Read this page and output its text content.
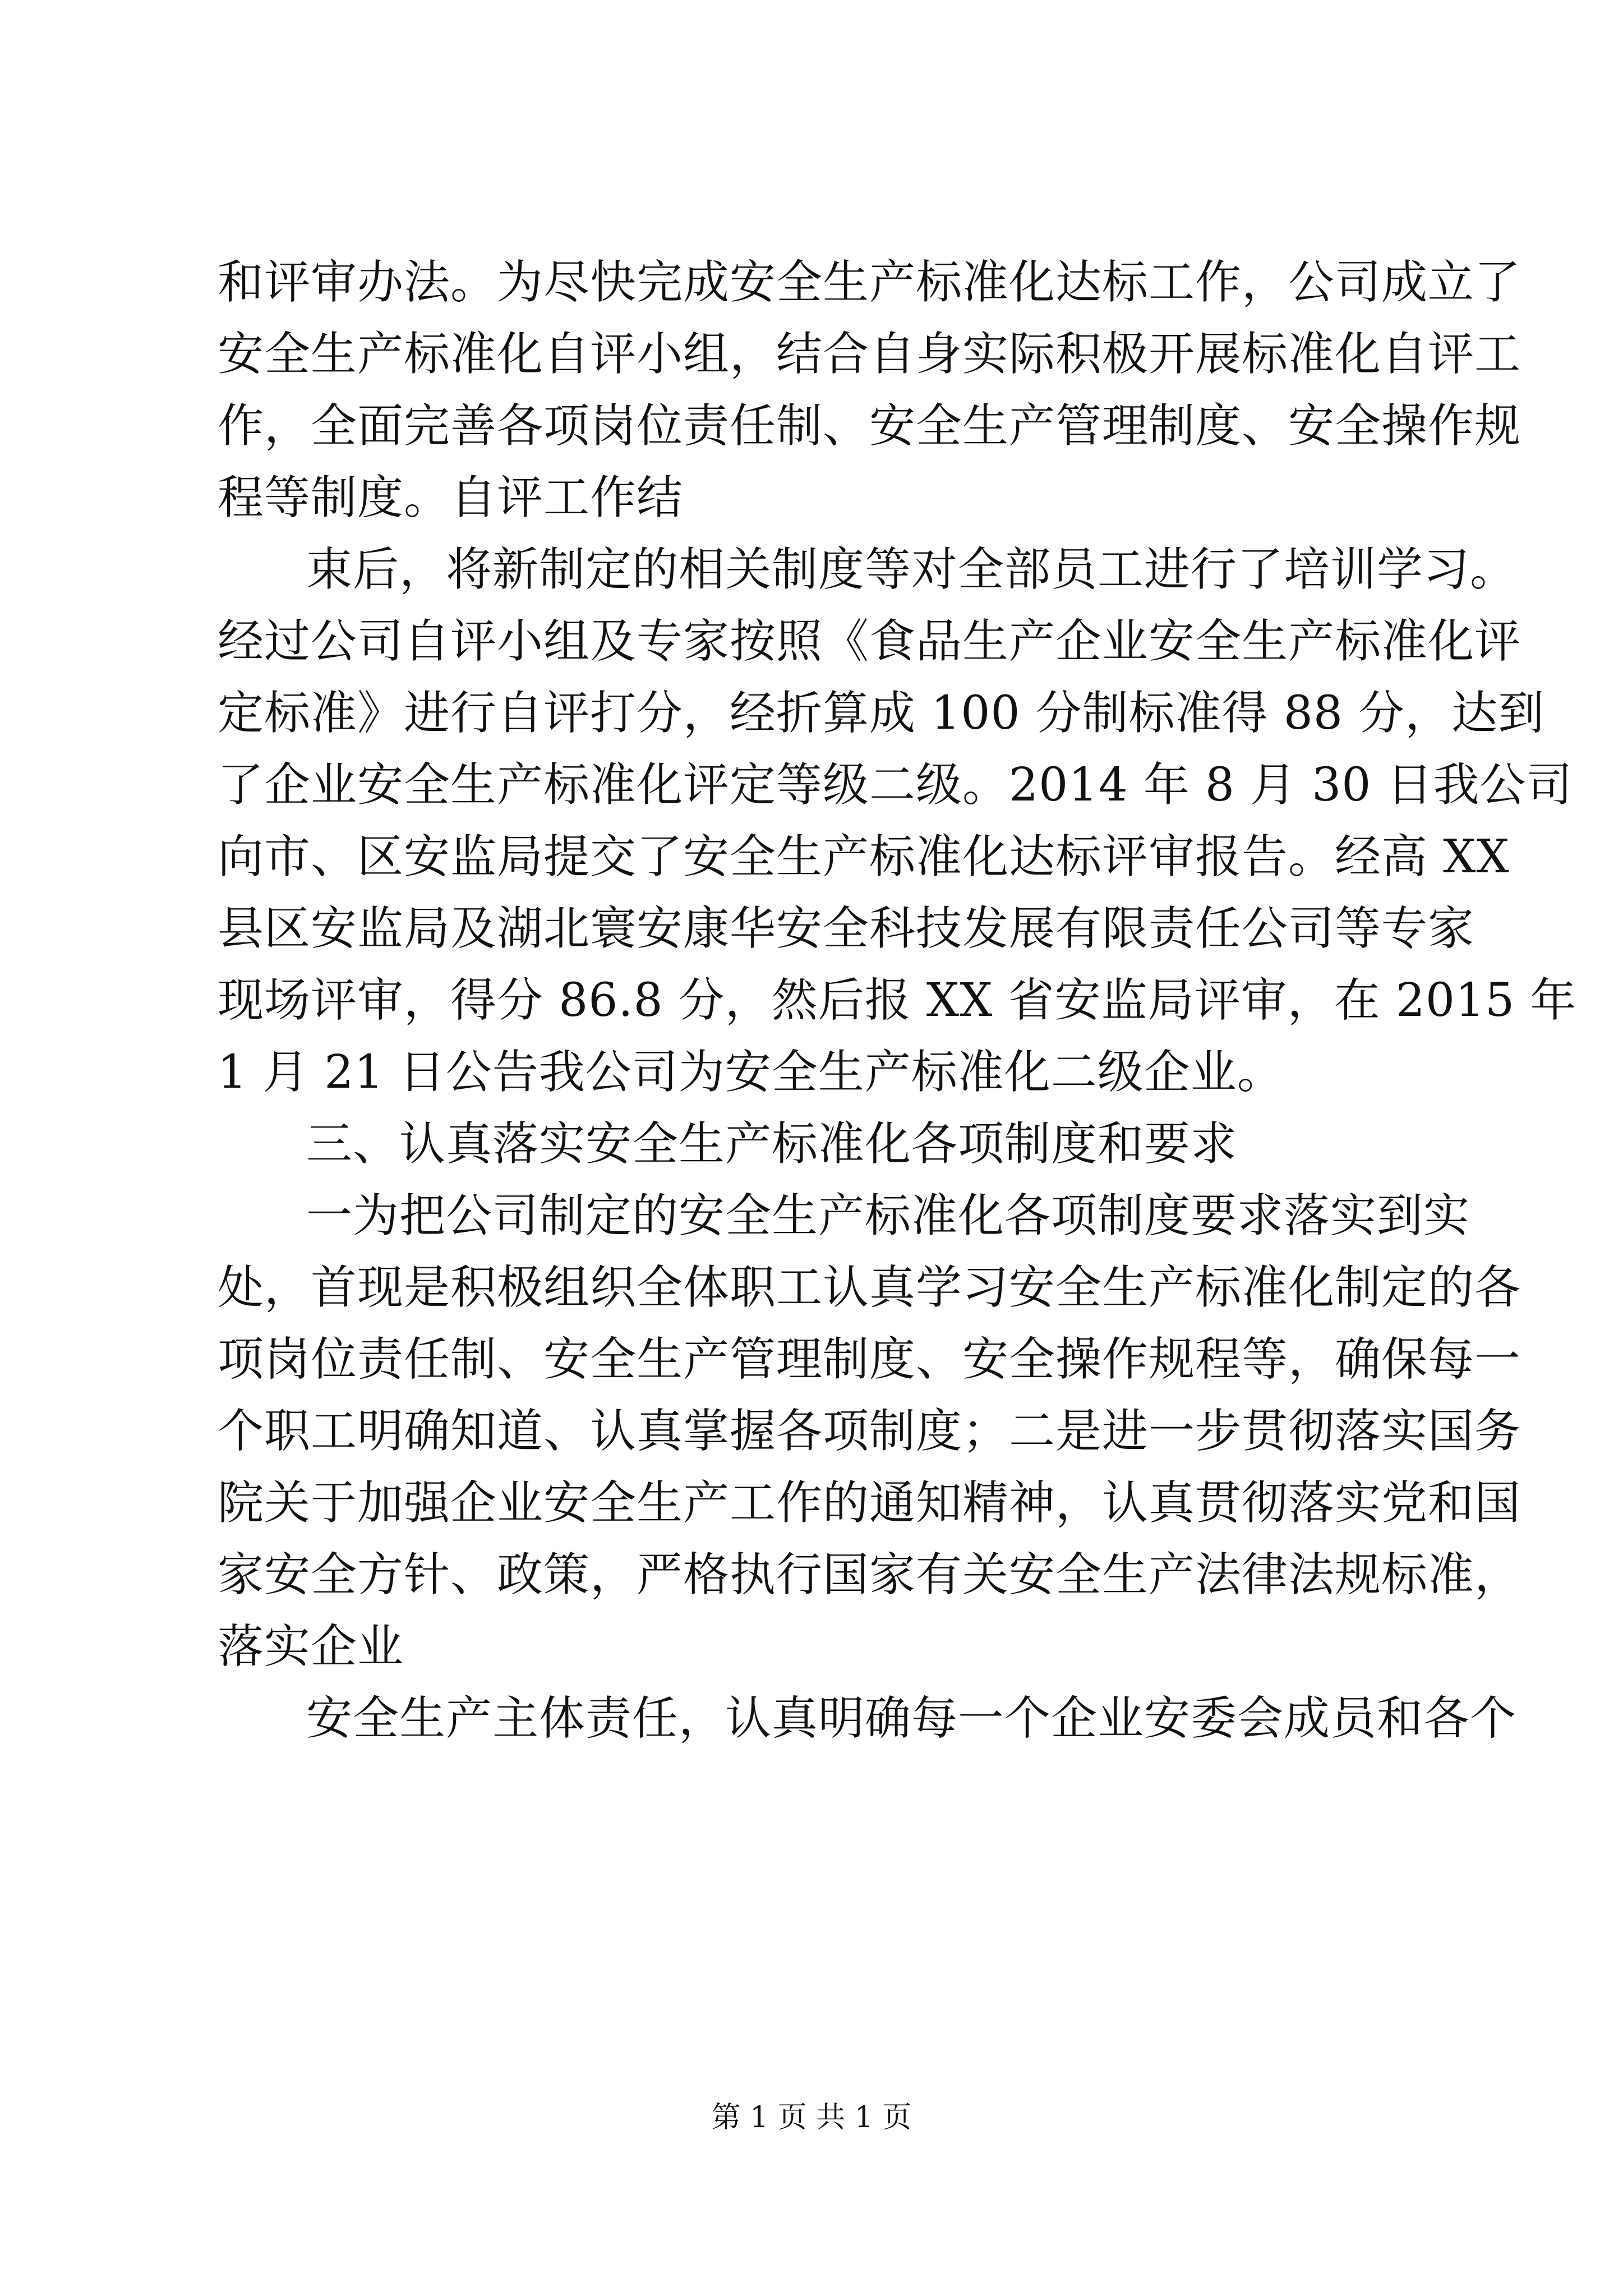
和评审办法。为尽快完成安全生产标准化达标工作，公司成立了
安全生产标准化自评小组，结合自身实际积极开展标准化自评工
作，全面完善各项岗位责任制、安全生产管理制度、安全操作规
程等制度。自评工作结
束后，将新制定的相关制度等对全部员工进行了培训学习。
经过公司自评小组及专家按照《食品生产企业安全生产标准化评
定标准》进行自评打分，经折算成 100 分制标准得 88 分，达到
了企业安全生产标准化评定等级二级。2014 年 8 月 30 日我公司
向市、区安监局提交了安全生产标准化达标评审报告。经高 XX
县区安监局及湖北寰安康华安全科技发展有限责任公司等专家
现场评审，得分 86.8 分，然后报 XX 省安监局评审，在 2015 年
1 月 21 日公告我公司为安全生产标准化二级企业。
三、认真落实安全生产标准化各项制度和要求
一为把公司制定的安全生产标准化各项制度要求落实到实
处，首现是积极组织全体职工认真学习安全生产标准化制定的各
项岗位责任制、安全生产管理制度、安全操作规程等，确保每一
个职工明确知道、认真掌握各项制度；二是进一步贯彻落实国务
院关于加强企业安全生产工作的通知精神，认真贯彻落实党和国
家安全方针、政策，严格执行国家有关安全生产法律法规标准，
落实企业
安全生产主体责任，认真明确每一个企业安委会成员和各个
第 1 页 共 1 页
